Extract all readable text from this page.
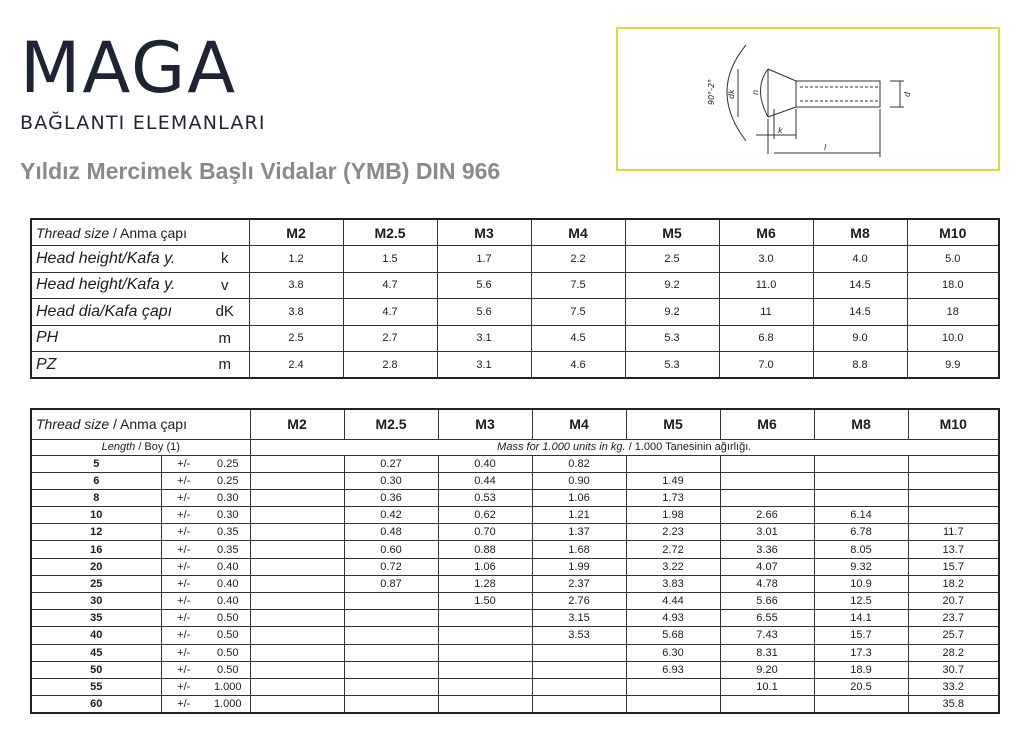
MAGA
BAĞLANTI ELEMANLARI
Yıldız Mercimek Başlı Vidalar (YMB) DIN 966
90°-2° dk n
k
l
d
Thread size / Anma çapı		M2	M2.5	M3	M4	M5	M6	M8	M10
Head height/Kafa y.	k	1.2	1.5	1.7	2.2	2.5	3.0	4.0	5.0
Head height/Kafa y.	v	3.8	4.7	5.6	7.5	9.2	11.0	14.5	18.0
Head dia/Kafa çapı	dK	3.8	4.7	5.6	7.5	9.2	11	14.5	18
PH	m	2.5	2.7	3.1	4.5	5.3	6.8	9.0	10.0
PZ	m	2.4	2.8	3.1	4.6	5.3	7.0	8.8	9.9
Thread size / Anma çapı			M2	M2.5	M3	M4	M5	M6	M8	M10
Length / Boy (1)			Mass for 1.000 units in kg. / 1.000 Tanesinin ağırlığı.							
5	+/-	0.25		0.27	0.40	0.82				
6	+/-	0.25		0.30	0.44	0.90	1.49			
8	+/-	0.30		0.36	0.53	1.06	1.73			
10	+/-	0.30		0.42	0.62	1.21	1.98	2.66	6.14	
12	+/-	0.35		0.48	0.70	1.37	2.23	3.01	6.78	11.7
16	+/-	0.35		0.60	0.88	1.68	2.72	3.36	8.05	13.7
20	+/-	0.40		0.72	1.06	1.99	3.22	4.07	9.32	15.7
25	+/-	0.40		0.87	1.28	2.37	3.83	4.78	10.9	18.2
30	+/-	0.40			1.50	2.76	4.44	5.66	12.5	20.7
35	+/-	0.50				3.15	4.93	6.55	14.1	23.7
40	+/-	0.50				3.53	5.68	7.43	15.7	25.7
45	+/-	0.50					6.30	8.31	17.3	28.2
50	+/-	0.50					6.93	9.20	18.9	30.7
55	+/-	1.000						10.1	20.5	33.2
60	+/-	1.000								35.8
